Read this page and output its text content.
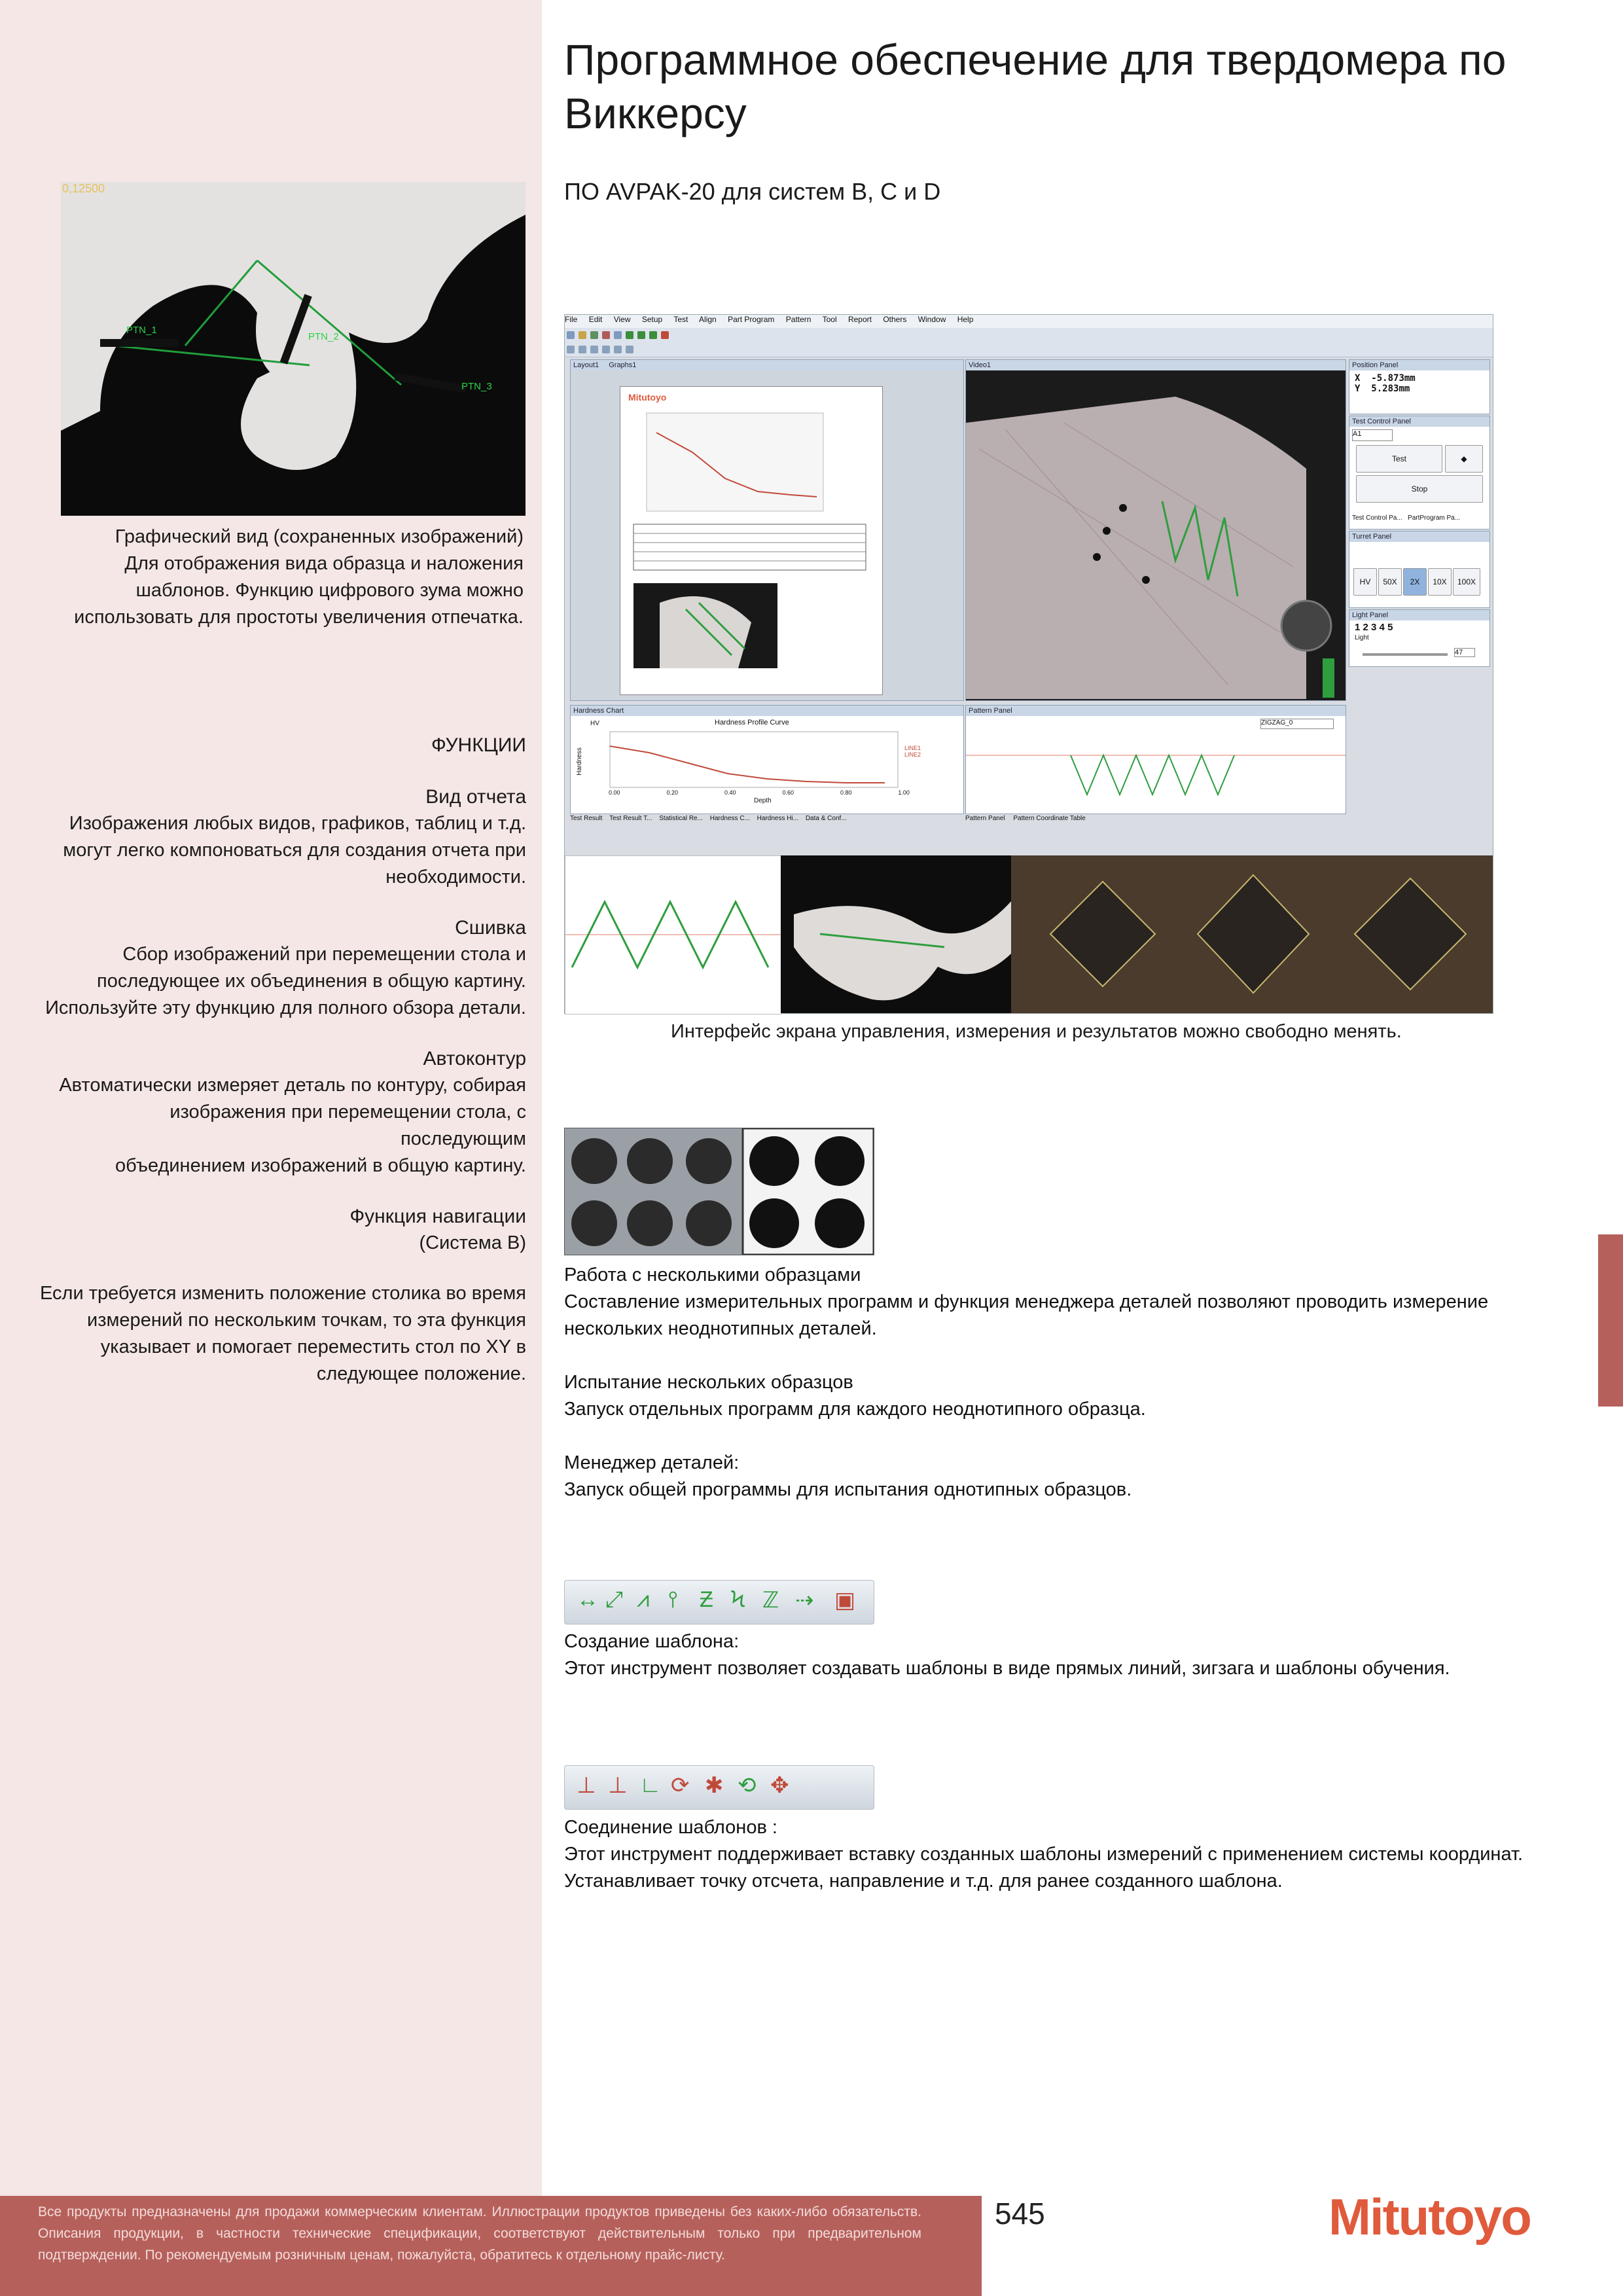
Программное обеспечение для твердомера по
Виккерсу
ПО AVPAK-20 для систем B, C и D
0,12500
PTN_1
PTN_2
PTN_3
Графический вид (сохраненных изображений)
Для отображения вида образца и наложения
шаблонов. Функцию цифрового зума можно
использовать для простоты увеличения отпечатка.
ФУНКЦИИ
Вид отчета
Изображения любых видов, графиков, таблиц и т.д.
могут легко компоноваться для создания отчета при
необходимости.
Сшивка
Сбор изображений при перемещении стола и
последующее их объединения в общую картину.
Используйте эту функцию для полного обзора детали.
Автоконтур
Автоматически измеряет деталь по контуру, собирая
изображения при перемещении стола, с последующим
объединением изображений в общую картину.
Функция навигации
(Система B)
Если требуется изменить положение столика во время
измерений по нескольким точкам, то эта функция
указывает и помогает переместить стол по XY в
следующее положение.
File Edit View Setup Test Align Part Program Pattern Tool Report Others Window Help
Layout1 Graphs1
Mitutoyo
Video1	Position Panel
X -5.873mm
Y 5.283mm
Test Control Panel
A1
Test	◆
Stop
Test Control Pa... PartProgram Pa...
Turret Panel
HV	50X	2X	10X	100X
Light Panel
1 2 3 4 5
Light
47
Hardness Chart
Hardness Profile Curve
HV
Hardness	LINE1
LINE2
0.00	0.20	0.40	0.60	0.80	1.00
Depth
Pattern Panel
ZIGZAG_0
Test Result Test Result T... Statistical Re... Hardness C... Hardness Hi... Data & Conf...	Pattern Panel Pattern Coordinate Table
Интерфейс экрана управления, измерения и результатов можно свободно менять.
Работа с несколькими образцами
Составление измерительных программ и функция менеджера деталей позволяют проводить измерение
нескольких неоднотипных деталей.
Испытание нескольких образцов
Запуск отдельных программ для каждого неоднотипного образца.
Менеджер деталей:
Запуск общей программы для испытания однотипных образцов.
↔ ⤢ ⩘ ⫯ Ƶ Ϟ ℤ ⇢ ▣
Создание шаблона:
Этот инструмент позволяет создавать шаблоны в виде прямых линий, зигзага и шаблоны обучения.
⊥ ⊥ ∟ ⟳ ✱ ⟲ ✥
Соединение шаблонов :
Этот инструмент поддерживает вставку созданных шаблоны измерений с применением системы координат.
Устанавливает точку отсчета, направление и т.д. для ранее созданного шаблона.
Все продукты предназначены для продажи коммерческим клиентам. Иллюстрации продуктов приведены без каких-либо обязательств. Описания продукции, в частности технические спецификации, соответствуют действительным только при предварительном подтверждении. По рекомендуемым розничным ценам, пожалуйста, обратитесь к отдельному прайс-листу.
545	Mitutoyo
